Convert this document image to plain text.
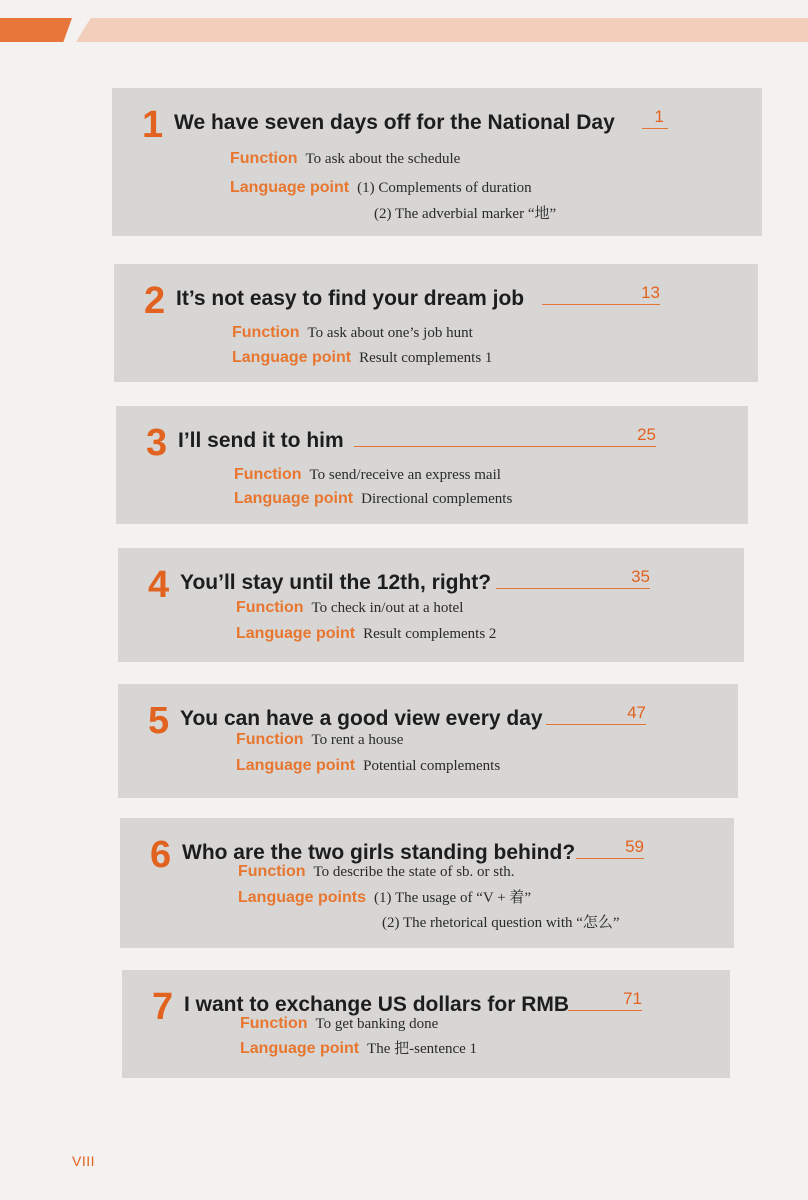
1 We have seven days off for the National Day	1
Function To ask about the schedule
Language point (1) Complements of duration
(2) The adverbial marker “地”
2 It’s not easy to find your dream job	13
Function To ask about one’s job hunt
Language point Result complements 1
3 I’ll send it to him	25
Function To send/receive an express mail
Language point Directional complements
4 You’ll stay until the 12th, right?	35
Function To check in/out at a hotel
Language point Result complements 2
5 You can have a good view every day	47
Function To rent a house
Language point Potential complements
6 Who are the two girls standing behind?	59
Function To describe the state of sb. or sth.
Language points (1) The usage of “V + 着”
(2) The rhetorical question with “怎么”
7 I want to exchange US dollars for RMB	71
Function To get banking done
Language point The 把-sentence 1
VIII
